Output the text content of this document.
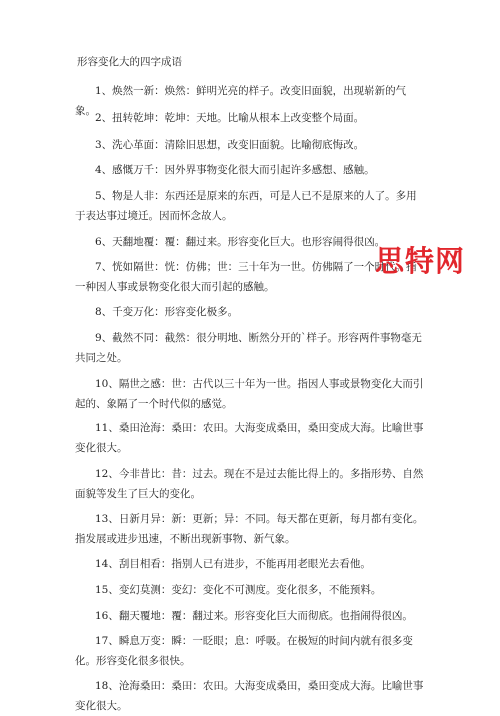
形容变化大的四字成语
1、焕然一新：焕然：鲜明光亮的样子。改变旧面貌，出现崭新的气象。
2、扭转乾坤：乾坤：天地。比喻从根本上改变整个局面。
3、洗心革面：清除旧思想，改变旧面貌。比喻彻底悔改。
4、感慨万千：因外界事物变化很大而引起许多感想、感触。
5、物是人非：东西还是原来的东西，可是人已不是原来的人了。多用于表达事过境迁。因而怀念故人。
6、天翻地覆：覆：翻过来。形容变化巨大。也形容闹得很凶。
7、恍如隔世：恍：仿佛；世：三十年为一世。仿佛隔了一个时代。指一种因人事或景物变化很大而引起的感触。
8、千变万化：形容变化极多。
9、截然不同：截然：很分明地、断然分开的`样子。形容两件事物毫无共同之处。
10、隔世之感：世：古代以三十年为一世。指因人事或景物变化大而引起的、象隔了一个时代似的感觉。
11、桑田沧海：桑田：农田。大海变成桑田，桑田变成大海。比喻世事变化很大。
12、今非昔比：昔：过去。现在不是过去能比得上的。多指形势、自然面貌等发生了巨大的变化。
13、日新月异：新：更新；异：不同。每天都在更新，每月都有变化。指发展或进步迅速，不断出现新事物、新气象。
14、刮目相看：指别人已有进步，不能再用老眼光去看他。
15、变幻莫测：变幻：变化不可测度。变化很多，不能预料。
16、翻天覆地：覆：翻过来。形容变化巨大而彻底。也指闹得很凶。
17、瞬息万变：瞬：一眨眼；息：呼吸。在极短的时间内就有很多变化。形容变化很多很快。
18、沧海桑田：桑田：农田。大海变成桑田，桑田变成大海。比喻世事变化很大。
思特网
